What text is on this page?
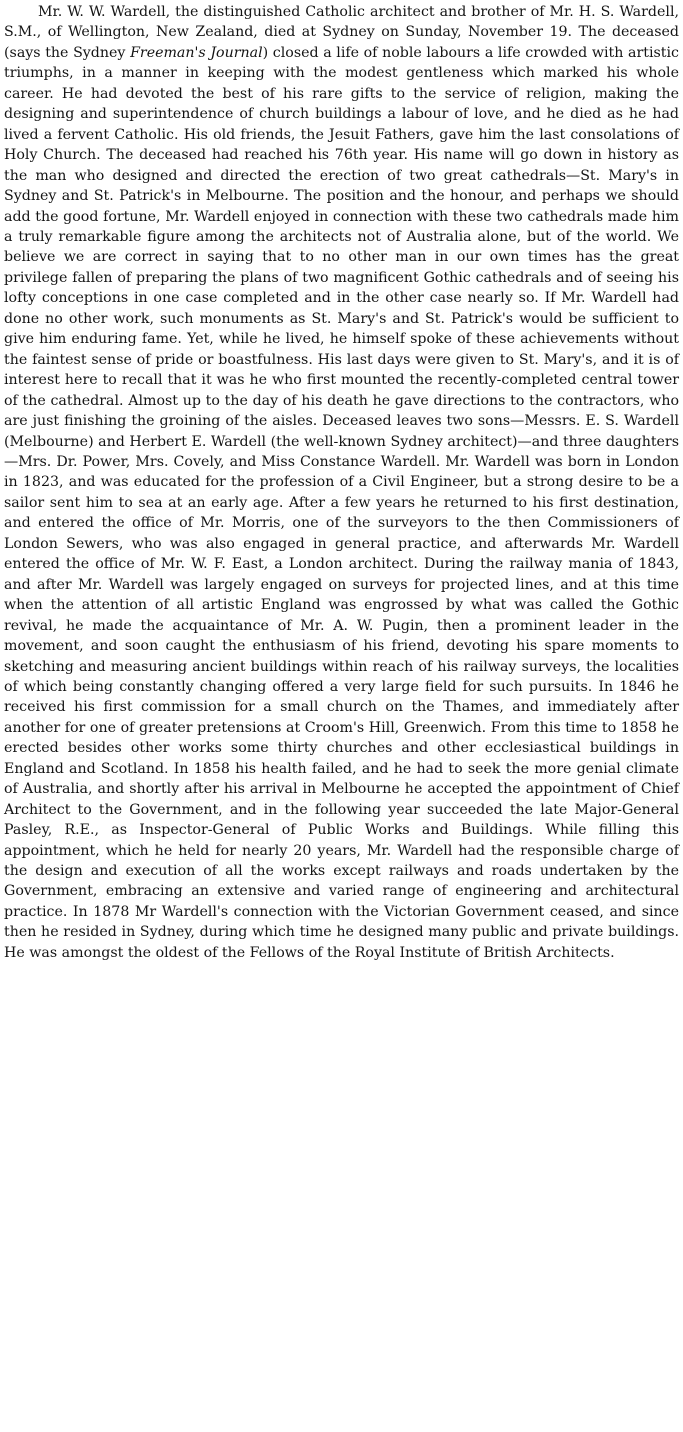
Mr. W. W. Wardell, the distinguished Catholic architect and brother of Mr. H. S. Wardell, S.M., of Wellington, New Zealand, died at Sydney on Sunday, November 19. The deceased (says the Sydney Freeman's Journal) closed a life of noble labours a life crowded with artistic triumphs, in a manner in keeping with the modest gentleness which marked his whole career. He had devoted the best of his rare gifts to the service of religion, making the designing and superintendence of church buildings a labour of love, and he died as he had lived a fervent Catholic. His old friends, the Jesuit Fathers, gave him the last consolations of Holy Church. The deceased had reached his 76th year. His name will go down in history as the man who designed and directed the erection of two great cathedrals—St. Mary's in Sydney and St. Patrick's in Melbourne. The position and the honour, and perhaps we should add the good fortune, Mr. Wardell enjoyed in connection with these two cathedrals made him a truly remarkable figure among the architects not of Australia alone, but of the world. We believe we are correct in saying that to no other man in our own times has the great privilege fallen of preparing the plans of two magnificent Gothic cathedrals and of seeing his lofty conceptions in one case completed and in the other case nearly so. If Mr. Wardell had done no other work, such monuments as St. Mary's and St. Patrick's would be sufficient to give him enduring fame. Yet, while he lived, he himself spoke of these achievements without the faintest sense of pride or boastfulness. His last days were given to St. Mary's, and it is of interest here to recall that it was he who first mounted the recently-completed central tower of the cathedral. Almost up to the day of his death he gave directions to the contractors, who are just finishing the groining of the aisles. Deceased leaves two sons—Messrs. E. S. Wardell (Melbourne) and Herbert E. Wardell (the well-known Sydney architect)—and three daughters—Mrs. Dr. Power, Mrs. Covely, and Miss Constance Wardell. Mr. Wardell was born in London in 1823, and was educated for the profession of a Civil Engineer, but a strong desire to be a sailor sent him to sea at an early age. After a few years he returned to his first destination, and entered the office of Mr. Morris, one of the surveyors to the then Commissioners of London Sewers, who was also engaged in general practice, and afterwards Mr. Wardell entered the office of Mr. W. F. East, a London architect. During the railway mania of 1843, and after Mr. Wardell was largely engaged on surveys for projected lines, and at this time when the attention of all artistic England was engrossed by what was called the Gothic revival, he made the acquaintance of Mr. A. W. Pugin, then a prominent leader in the movement, and soon caught the enthusiasm of his friend, devoting his spare moments to sketching and measuring ancient buildings within reach of his railway surveys, the localities of which being constantly changing offered a very large field for such pursuits. In 1846 he received his first commission for a small church on the Thames, and immediately after another for one of greater pretensions at Croom's Hill, Greenwich. From this time to 1858 he erected besides other works some thirty churches and other ecclesiastical buildings in England and Scotland. In 1858 his health failed, and he had to seek the more genial climate of Australia, and shortly after his arrival in Melbourne he accepted the appointment of Chief Architect to the Government, and in the following year succeeded the late Major-General Pasley, R.E., as Inspector-General of Public Works and Buildings. While filling this appointment, which he held for nearly 20 years, Mr. Wardell had the responsible charge of the design and execution of all the works except railways and roads undertaken by the Government, embracing an extensive and varied range of engineering and architectural practice. In 1878 Mr Wardell's connection with the Victorian Government ceased, and since then he resided in Sydney, during which time he designed many public and private buildings. He was amongst the oldest of the Fellows of the Royal Institute of British Architects.
